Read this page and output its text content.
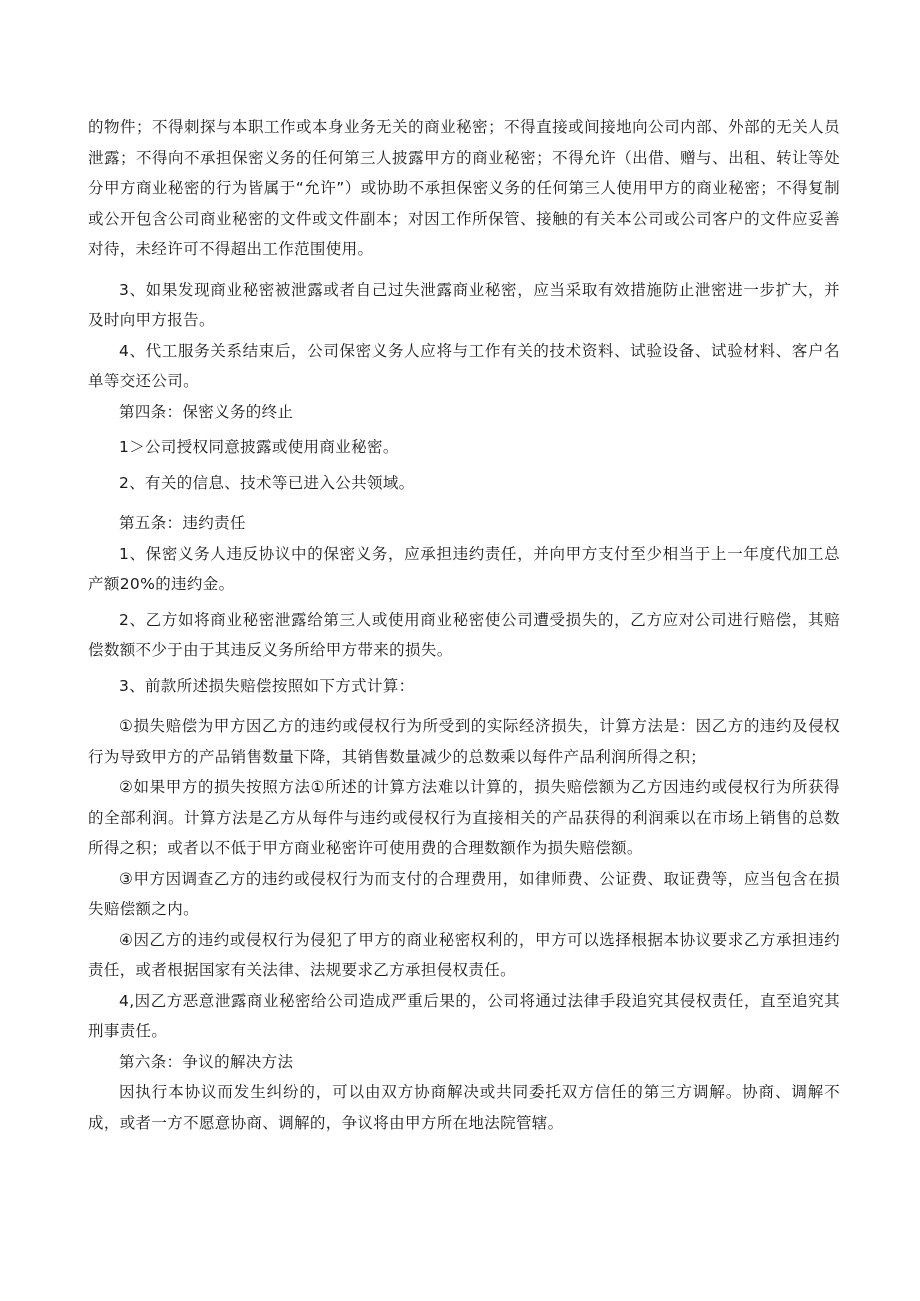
的物件；不得刺探与本职工作或本身业务无关的商业秘密；不得直接或间接地向公司内部、外部的无关人员泄露；不得向不承担保密义务的任何第三人披露甲方的商业秘密；不得允许（出借、赠与、出租、转让等处分甲方商业秘密的行为皆属于“允许”）或协助不承担保密义务的任何第三人使用甲方的商业秘密；不得复制或公开包含公司商业秘密的文件或文件副本；对因工作所保管、接触的有关本公司或公司客户的文件应妥善对待，未经许可不得超出工作范围使用。

3、如果发现商业秘密被泄露或者自己过失泄露商业秘密，应当采取有效措施防止泄密进一步扩大，并及时向甲方报告。

4、代工服务关系结束后，公司保密义务人应将与工作有关的技术资料、试验设备、试验材料、客户名单等交还公司。

第四条：保密义务的终止

1＞公司授权同意披露或使用商业秘密。

2、有关的信息、技术等已进入公共领域。

第五条：违约责任

1、保密义务人违反协议中的保密义务，应承担违约责任，并向甲方支付至少相当于上一年度代加工总产额20%的违约金。

2、乙方如将商业秘密泄露给第三人或使用商业秘密使公司遭受损失的，乙方应对公司进行赔偿，其赔偿数额不少于由于其违反义务所给甲方带来的损失。

3、前款所述损失赔偿按照如下方式计算：

①损失赔偿为甲方因乙方的违约或侵权行为所受到的实际经济损失，计算方法是：因乙方的违约及侵权行为导致甲方的产品销售数量下降，其销售数量减少的总数乘以每件产品利润所得之积；

②如果甲方的损失按照方法①所述的计算方法难以计算的，损失赔偿额为乙方因违约或侵权行为所获得的全部利润。计算方法是乙方从每件与违约或侵权行为直接相关的产品获得的利润乘以在市场上销售的总数所得之积；或者以不低于甲方商业秘密许可使用费的合理数额作为损失赔偿额。

③甲方因调查乙方的违约或侵权行为而支付的合理费用，如律师费、公证费、取证费等，应当包含在损失赔偿额之内。

④因乙方的违约或侵权行为侵犯了甲方的商业秘密权利的，甲方可以选择根据本协议要求乙方承担违约责任，或者根据国家有关法律、法规要求乙方承担侵权责任。

4,因乙方恶意泄露商业秘密给公司造成严重后果的，公司将通过法律手段追究其侵权责任，直至追究其刑事责任。

第六条：争议的解决方法

因执行本协议而发生纠纷的，可以由双方协商解决或共同委托双方信任的第三方调解。协商、调解不成，或者一方不愿意协商、调解的，争议将由甲方所在地法院管辖。
